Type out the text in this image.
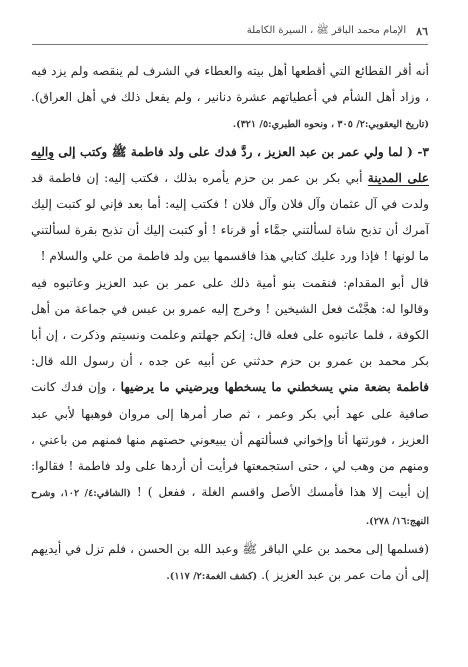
٨٦
الإمام محمد الباقر ﷺ ، السيرة الكاملة

أنه أقر القطائع التي أقطعها أهل بيته والعطاء في الشرف لم ينقصه ولم يزد فيه ، وزاد أهل الشأم في أعطياتهم عشرة دنانير ، ولم يفعل ذلك في أهل العراق). (تاريخ اليعقوبي:٢/ ٣٠٥ ، ونحوه الطبري:٥/ ٣٢١).

٣- ( لما ولي عمر بن عبد العزيز ، ردَّ فدك على ولد فاطمة ﷺ وكتب إلى واليه على المدينة أبي بكر بن عمر بن حزم يأمره بذلك ، فكتب إليه: إن فاطمة قد ولدت في آل عثمان وآل فلان وآل فلان ! فكتب إليه: أما بعد فإني لو كتبت إليك آمرك أن تذبح شاة لسألتني جمَّاء أو قرناء ! أو كتبت إليك أن تذبح بقرة لسألتني ما لونها ! فإذا ورد عليك كتابي هذا فاقسمها بين ولد فاطمة من علي والسلام !

قال أبو المقدام: فنقمت بنو أمية ذلك على عمر بن عبد العزيز وعاتبوه فيه وقالوا له: هجَّنْتَ فعل الشيخين ! وخرج إليه عمرو بن عبس في جماعة من أهل الكوفة ، فلما عاتبوه على فعله قال: إنكم جهلتم وعلمت ونسيتم وذكرت ، إن أبا بكر محمد بن عمرو بن حزم حدثني عن أبيه عن جده ، أن رسول الله قال: فاطمة بضعة مني يسخطني ما يسخطها ويرضيني ما يرضيها ، وإن فدك كانت صافية على عهد أبي بكر وعمر ، ثم صار أمرها إلى مروان فوهبها لأبي عبد العزيز ، فورثتها أنا وإخواني فسألتهم أن يبيعوني حصتهم منها فمنهم من باعني ، ومنهم من وهب لي ، حتى استجمعتها فرأيت أن أردها على ولد فاطمة ! فقالوا: إن أبيت إلا هذا فأمسك الأصل واقسم الغلة ، ففعل ) ! (الشافي:٤/ ١٠٢، وشرح النهج:١٦/ ٢٧٨).

(فسلمها إلى محمد بن علي الباقر ﷺ وعبد الله بن الحسن ، فلم تزل في أيديهم إلى أن مات عمر بن عبد العزيز ). (كشف الغمة:٢/ ١١٧).
